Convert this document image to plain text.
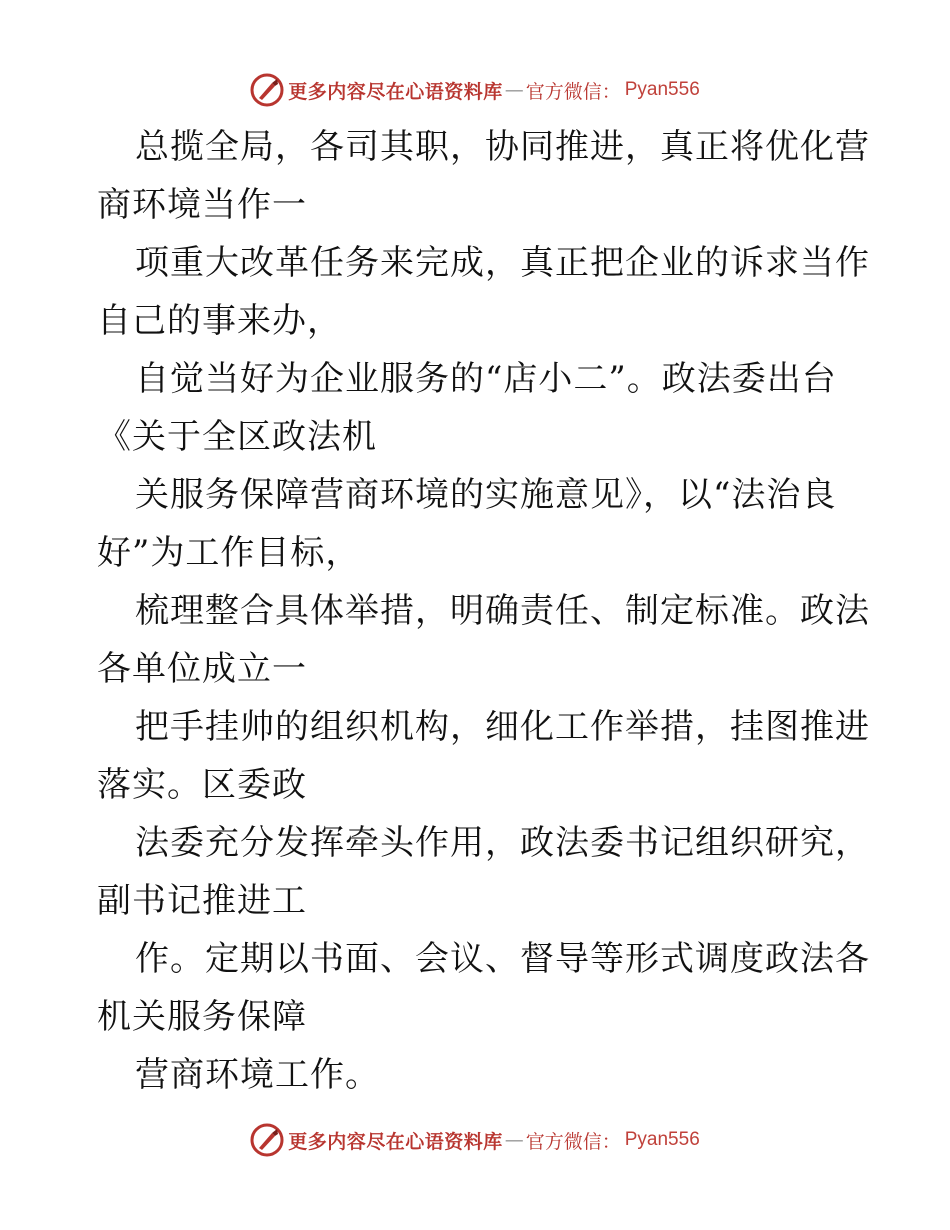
更多内容尽在心语资料库 — 官方微信： Pyan556
总揽全局，各司其职，协同推进，真正将优化营
商环境当作一
项重大改革任务来完成，真正把企业的诉求当作
自己的事来办，
自觉当好为企业服务的“店小二”。政法委出台
《关于全区政法机
关服务保障营商环境的实施意见》，以“法治良
好”为工作目标，
梳理整合具体举措，明确责任、制定标准。政法
各单位成立一
把手挂帅的组织机构，细化工作举措，挂图推进
落实。区委政
法委充分发挥牵头作用，政法委书记组织研究，
副书记推进工
作。定期以书面、会议、督导等形式调度政法各
机关服务保障
营商环境工作。
更多内容尽在心语资料库 — 官方微信： Pyan556
